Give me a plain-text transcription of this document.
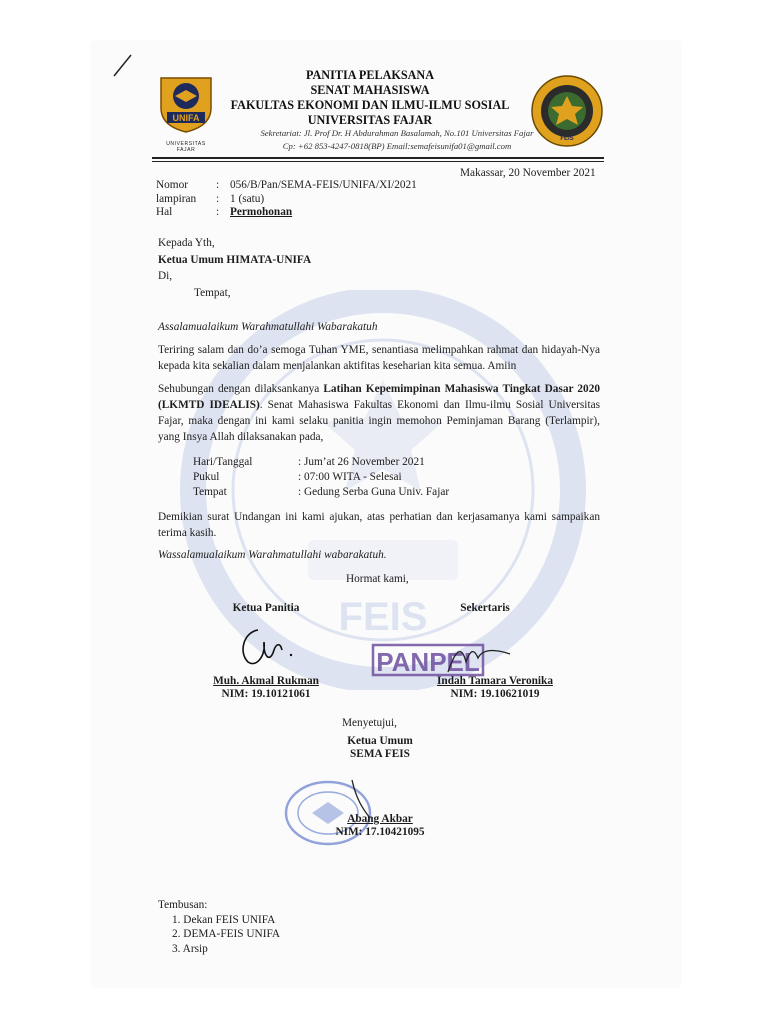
FEIS
UNIFA
UNIVERSITAS FAJAR
PANITIA PELAKSANA
SENAT MAHASISWA
FAKULTAS EKONOMI DAN ILMU-ILMU SOSIAL
UNIVERSITAS FAJAR
Sekretariat: Jl. Prof Dr. H Abdurahman Basalamah, No.101 Universitas Fajar
Cp: +62 853-4247-0818(BP) Email:semafeisunifa01@gmail.com
FEIS
Makassar, 20 November 2021
Nomor	: 056/B/Pan/SEMA-FEIS/UNIFA/XI/2021
lampiran	: 1 (satu)
Hal	: Permohonan
Kepada Yth,
Ketua Umum HIMATA-UNIFA
Di,
Tempat,
Assalamualaikum Warahmatullahi Wabarakatuh
Teriring salam dan do’a semoga Tuhan YME, senantiasa melimpahkan rahmat dan hidayah-Nya kepada kita sekalian dalam menjalankan aktifitas keseharian kita semua. Amiin
Sehubungan dengan dilaksankanya Latihan Kepemimpinan Mahasiswa Tingkat Dasar 2020 (LKMTD IDEALIS). Senat Mahasiswa Fakultas Ekonomi dan Ilmu-ilmu Sosial Universitas Fajar, maka dengan ini kami selaku panitia ingin memohon Peminjaman Barang (Terlampir), yang Insya Allah dilaksanakan pada,
Hari/Tanggal	: Jum’at 26 November 2021
Pukul	: 07:00 WITA - Selesai
Tempat	: Gedung Serba Guna Univ. Fajar
Demikian surat Undangan ini kami ajukan, atas perhatian dan kerjasamanya kami sampaikan terima kasih.
Wassalamualaikum Warahmatullahi wabarakatuh.
Hormat kami,
Ketua Panitia
Muh. Akmal Rukman
NIM: 19.10121061
Sekertaris
PANPEL
Indah Tamara Veronika
NIM: 19.10621019
Menyetujui,
Ketua Umum
SEMA FEIS
Abang Akbar
NIM: 17.10421095
Tembusan:
1. Dekan FEIS UNIFA
2. DEMA-FEIS UNIFA
3. Arsip
